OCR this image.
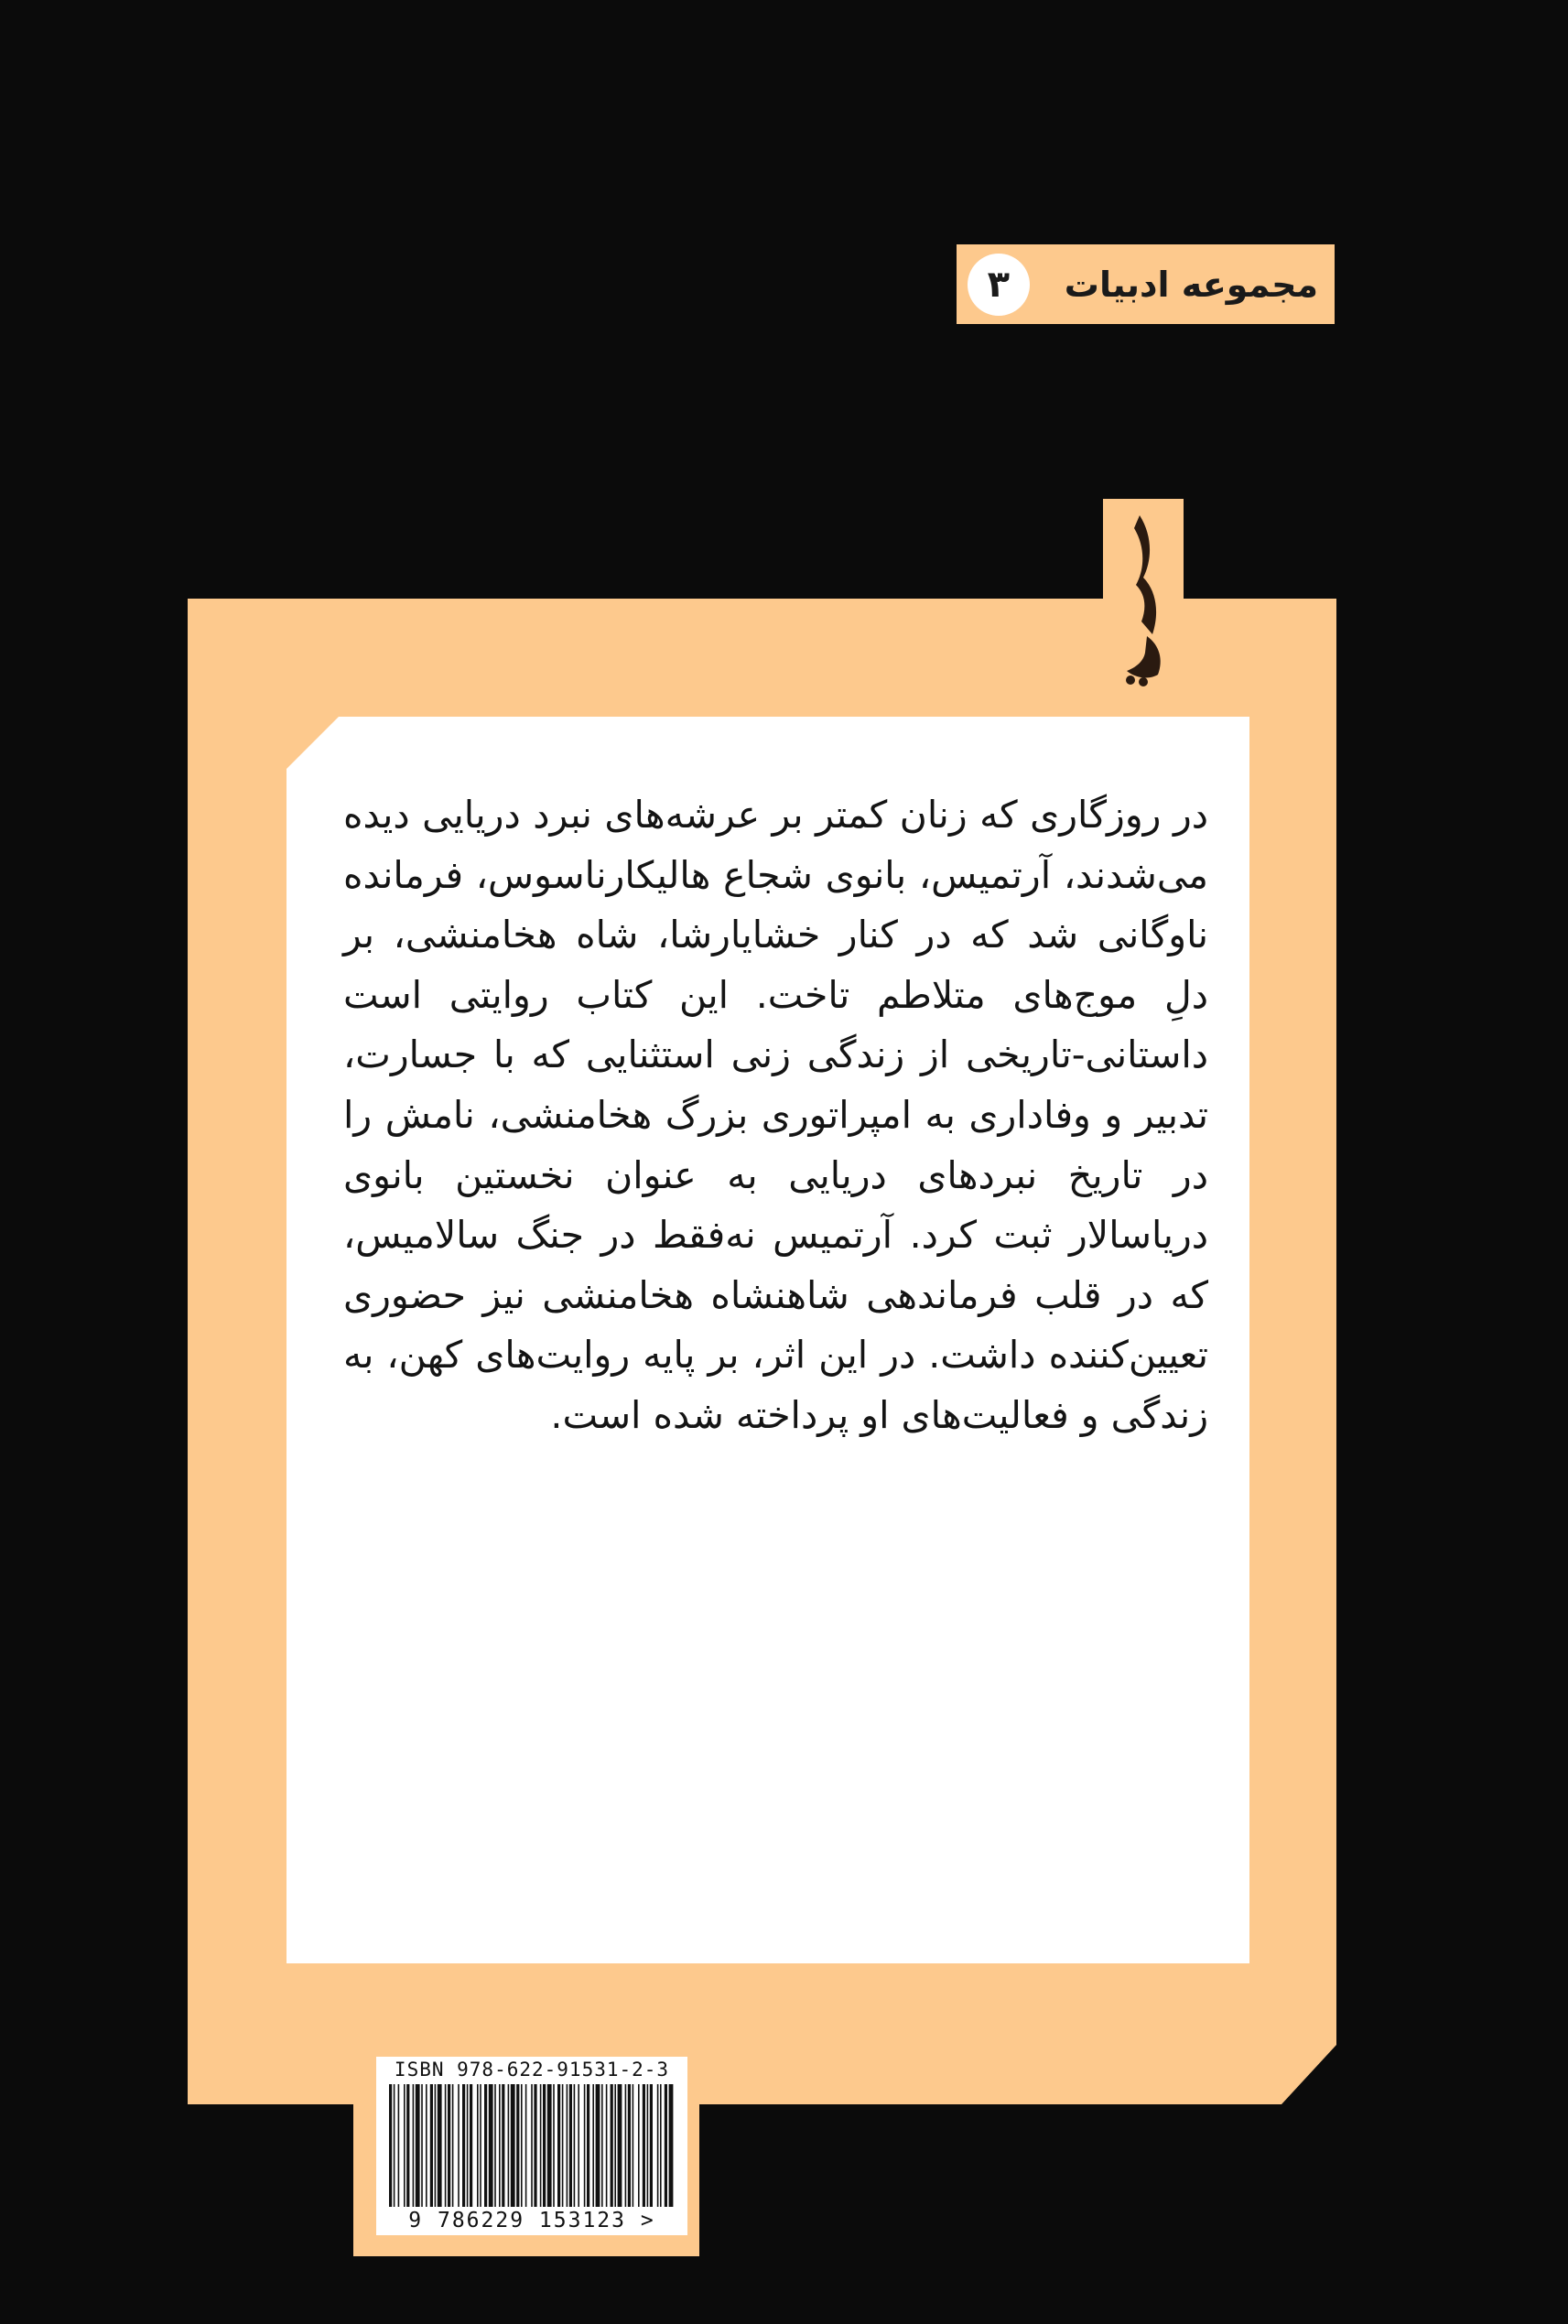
مجموعه ادبیات
۳

در روزگاری که زنان کمتر بر عرشه‌های نبرد دریایی دیده می‌شدند، آرتمیس، بانوی شجاع هالیکارناسوس، فرمانده ناوگانی شد که در کنار خشایارشا، شاه هخامنشی، بر دلِ موج‌های متلاطم تاخت. این کتاب روایتی است داستانی-تاریخی از زندگی زنی استثنایی که با جسارت، تدبیر و وفاداری به امپراتوری بزرگ هخامنشی، نامش را در تاریخ نبردهای دریایی به عنوان نخستین بانوی دریاسالار ثبت کرد. آرتمیس نه‌فقط در جنگ سالامیس، که در قلب فرماندهی شاهنشاه هخامنشی نیز حضوری تعیین‌کننده داشت. در این اثر، بر پایه روایت‌های کهن، به زندگی و فعالیت‌های او پرداخته شده است.

ISBN 978-622-91531-2-3
9 786229 153123 >
